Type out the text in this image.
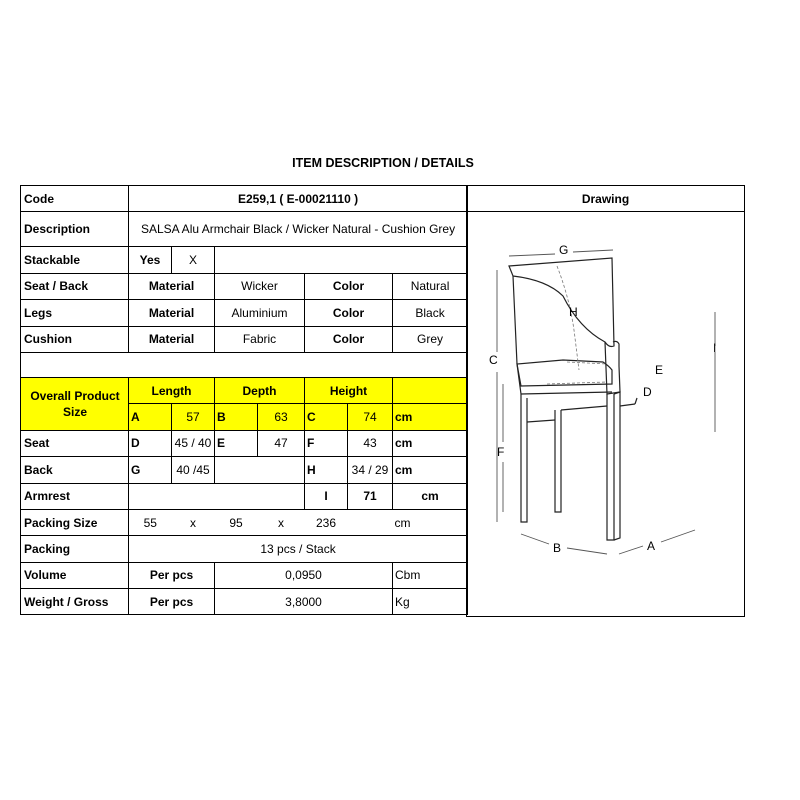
ITEM DESCRIPTION / DETAILS
Code	E259,1 ( E-00021110 )						
Description	SALSA Alu Armchair Black / Wicker Natural - Cushion Grey						
Stackable	Yes	X					
Seat / Back	Material		Wicker		Color		Natural
Legs	Material		Aluminium		Color		Black
Cushion	Material		Fabric		Color		Grey

Overall Product Size	Length		Depth		Height		
	A	57	B	63	C	74	cm
Seat	D	45 / 40	E	47	F	43	cm
Back	G	40 /45			H	34 / 29	cm
Armrest					I	71	cm
Packing Size	55	x	95	x	236		cm
Packing	13 pcs / Stack						
Volume	Per pcs		0,0950				Cbm
Weight / Gross	Per pcs		3,8000				Kg
Drawing
G
H
C
E
D
F
I
B	A
